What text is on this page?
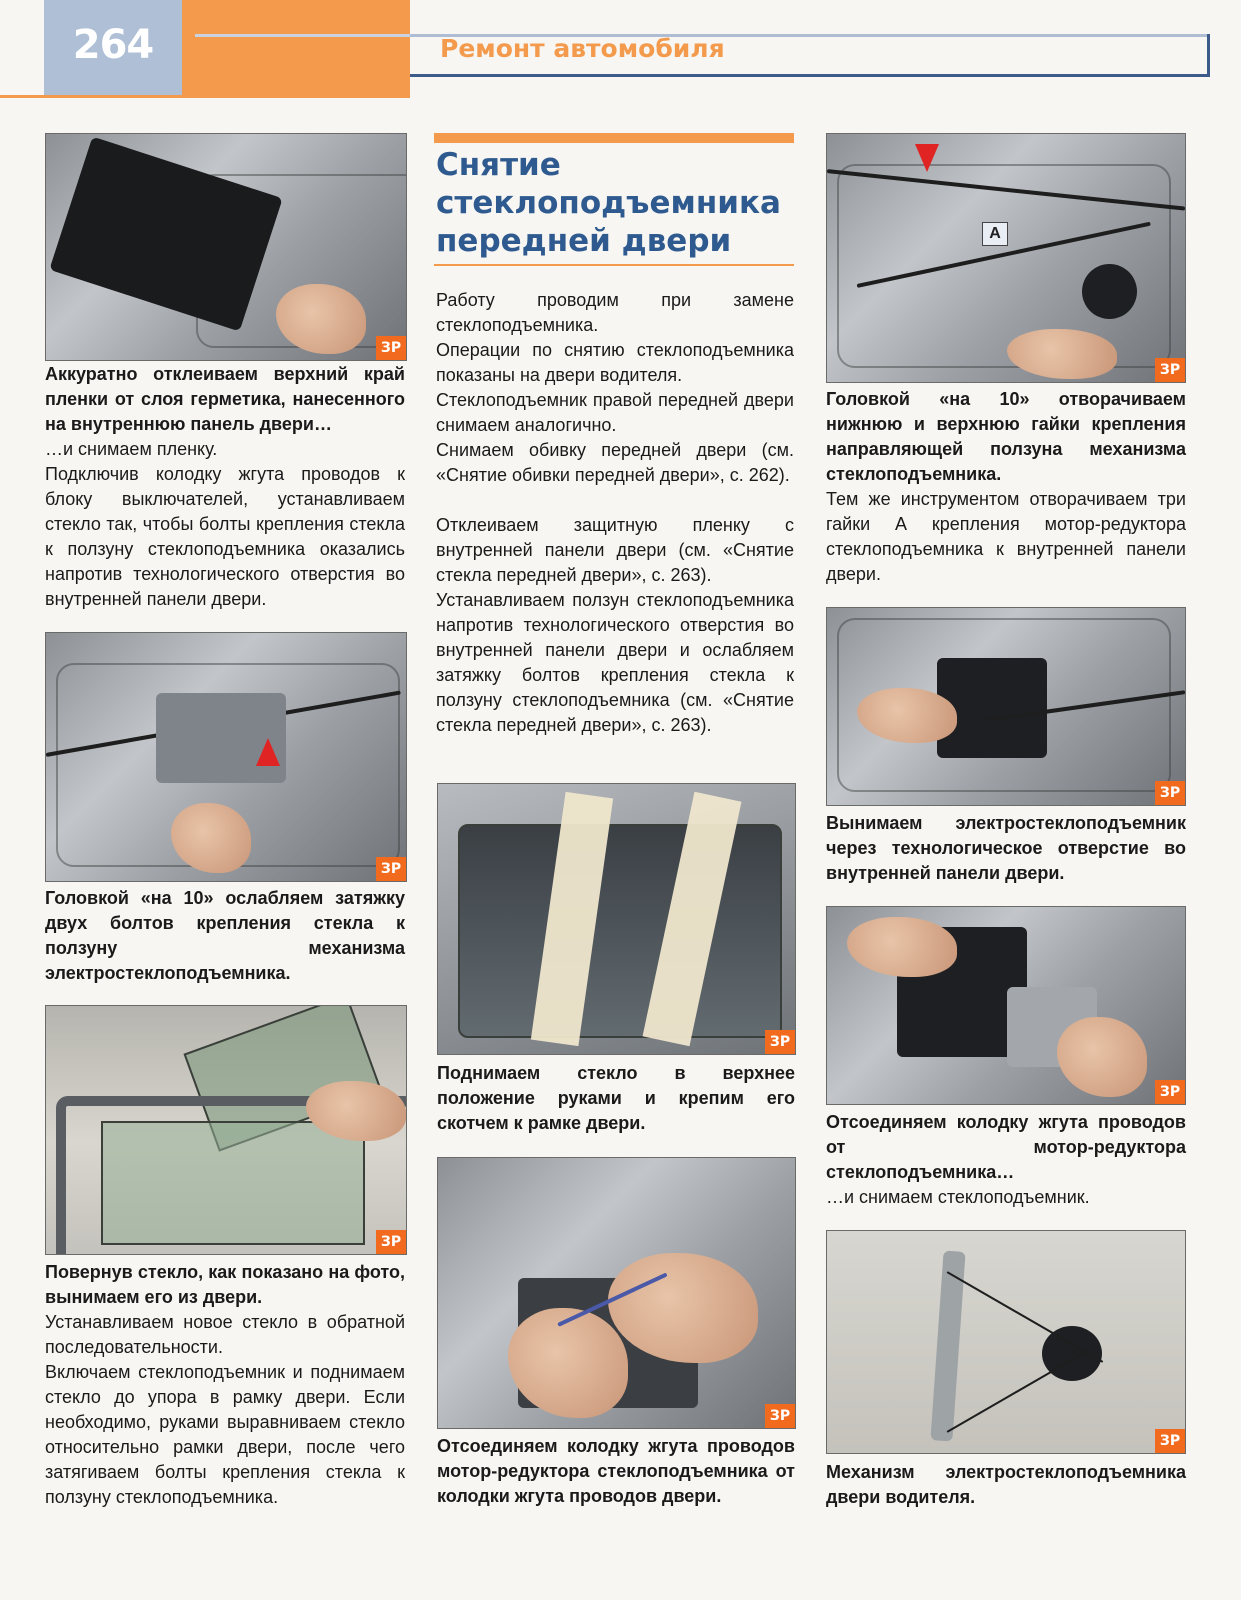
264	Ремонт автомобиля
ЗР
Аккуратно отклеиваем верхний край пленки от слоя герметика, нанесенного на внутреннюю панель двери…
…и снимаем пленку.
Подключив колодку жгута проводов к блоку выключателей, устанавливаем стекло так, чтобы болты крепления стекла к ползуну стеклоподъемника оказались напротив технологического отверстия во внутренней панели двери.
ЗР
Головкой «на 10» ослабляем затяжку двух болтов крепления стекла к ползуну механизма электростеклоподъемника.
ЗР
Повернув стекло, как показано на фото, вынимаем его из двери.
Устанавливаем новое стекло в обратной последовательности.
Включаем стеклоподъемник и поднимаем стекло до упора в рамку двери. Если необходимо, руками выравниваем стекло относительно рамки двери, после чего затягиваем болты крепления стекла к ползуну стеклоподъемника.
Снятие стеклоподъемника передней двери
Работу проводим при замене стеклоподъемника.
Операции по снятию стеклоподъемника показаны на двери водителя.
Стеклоподъемник правой передней двери снимаем аналогично.
Снимаем обивку передней двери (см. «Снятие обивки передней двери», с. 262).
Отклеиваем защитную пленку с внутренней панели двери (см. «Снятие стекла передней двери», с. 263).
Устанавливаем ползун стеклоподъемника напротив технологического отверстия во внутренней панели двери и ослабляем затяжку болтов крепления стекла к ползуну стеклоподъемника (см. «Снятие стекла передней двери», с. 263).
ЗР
Поднимаем стекло в верхнее положение руками и крепим его скотчем к рамке двери.
ЗР
Отсоединяем колодку жгута проводов мотор-редуктора стеклоподъемника от колодки жгута проводов двери.
А
ЗР
Головкой «на 10» отворачиваем нижнюю и верхнюю гайки крепления направляющей ползуна механизма стеклоподъемника.
Тем же инструментом отворачиваем три гайки А крепления мотор-редуктора стеклоподъемника к внутренней панели двери.
ЗР
Вынимаем электростеклоподъемник через технологическое отверстие во внутренней панели двери.
ЗР
Отсоединяем колодку жгута проводов от мотор-редуктора стеклоподъемника…
…и снимаем стеклоподъемник.
ЗР
Механизм электростеклоподъемника двери водителя.
